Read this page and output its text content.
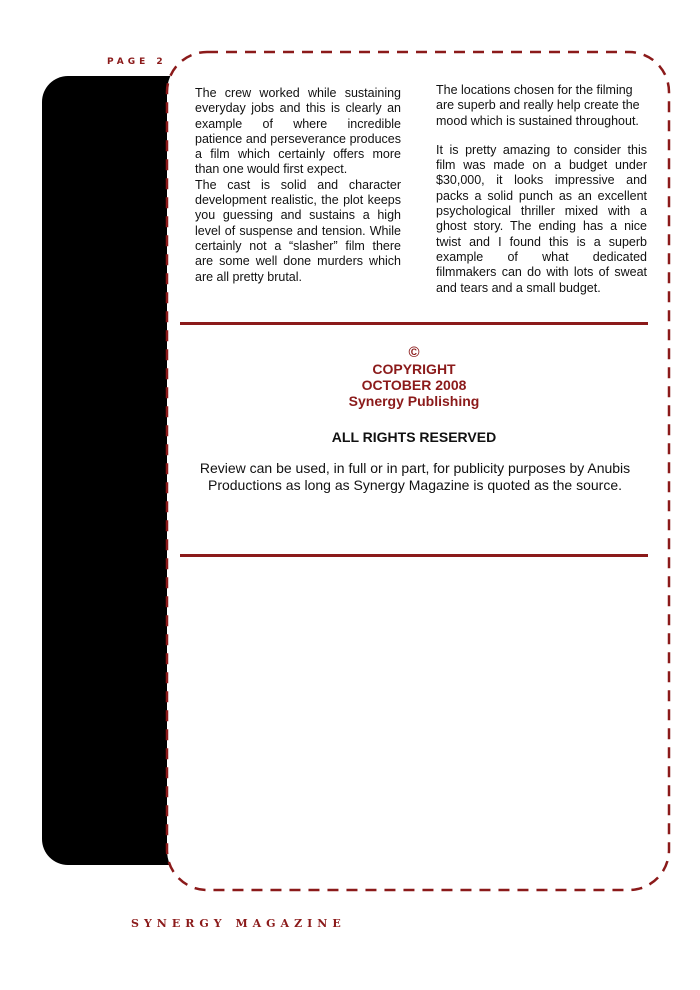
PAGE 2

The crew worked while sustaining everyday jobs and this is clearly an example of where incredible patience and perseverance produces a film which certainly offers more than one would first expect.

The cast is solid and character development realistic, the plot keeps you guessing and sustains a high level of suspense and tension. While certainly not a “slasher” film there are some well done murders which are all pretty brutal.

The locations chosen for the filming are superb and really help create the mood which is sustained throughout.

It is pretty amazing to consider this film was made on a budget under $30,000, it looks impressive and packs a solid punch as an excellent psychological thriller mixed with a ghost story. The ending has a nice twist and I found this is a superb example of what dedicated filmmakers can do with lots of sweat and tears and a small budget.

©
COPYRIGHT
OCTOBER 2008
Synergy Publishing
ALL RIGHTS RESERVED
Review can be used, in full or in part, for publicity purposes by Anubis Productions as long as Synergy Magazine is quoted as the source.
SYNERGY MAGAZINE
